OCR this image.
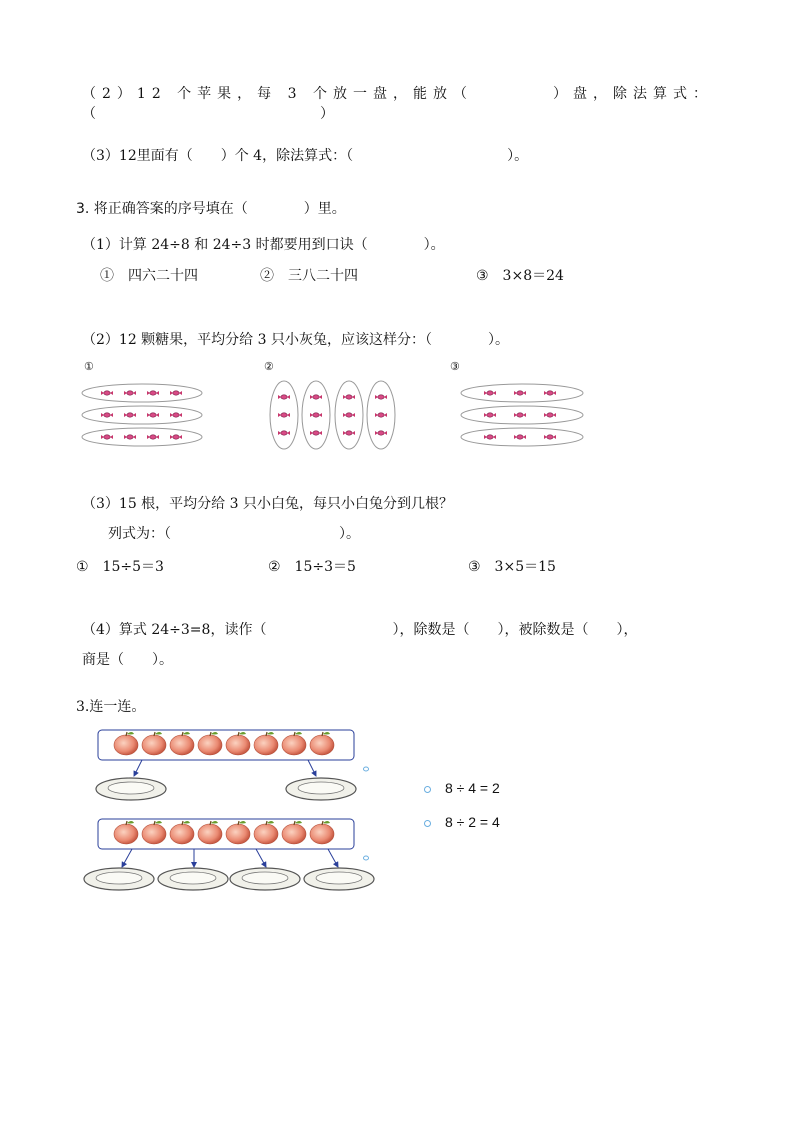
（2）12 个苹果，每 3 个放一盘，能放（　　　　）盘，除法算式：
（　　　　　　　　　　　　　　　　）
（3）12里面有（　　）个 4，除法算式：（　　　　　　　　　　　）。
3. 将正确答案的序号填在（　　　　）里。
（1）计算 24÷8 和 24÷3 时都要用到口诀（　　　　）。
①　四六二十四	②　三八二十四	③　3×8＝24
（2）12 颗糖果，平均分给 3 只小灰兔，应该这样分：（　　　　）。
①	②	③
（3）15 根，平均分给 3 只小白兔，每只小白兔分到几根？
列式为：（　　　　　　　　　　　　）。
①　15÷5＝3	②　15÷3＝5	③　3×5＝15
（4）算式 24÷3=8，读作（　　　　　　　　　），除数是（　　），被除数是（　　），
商是（　　）。
3.连一连。
8 ÷ 4 = 2
8 ÷ 2 = 4
